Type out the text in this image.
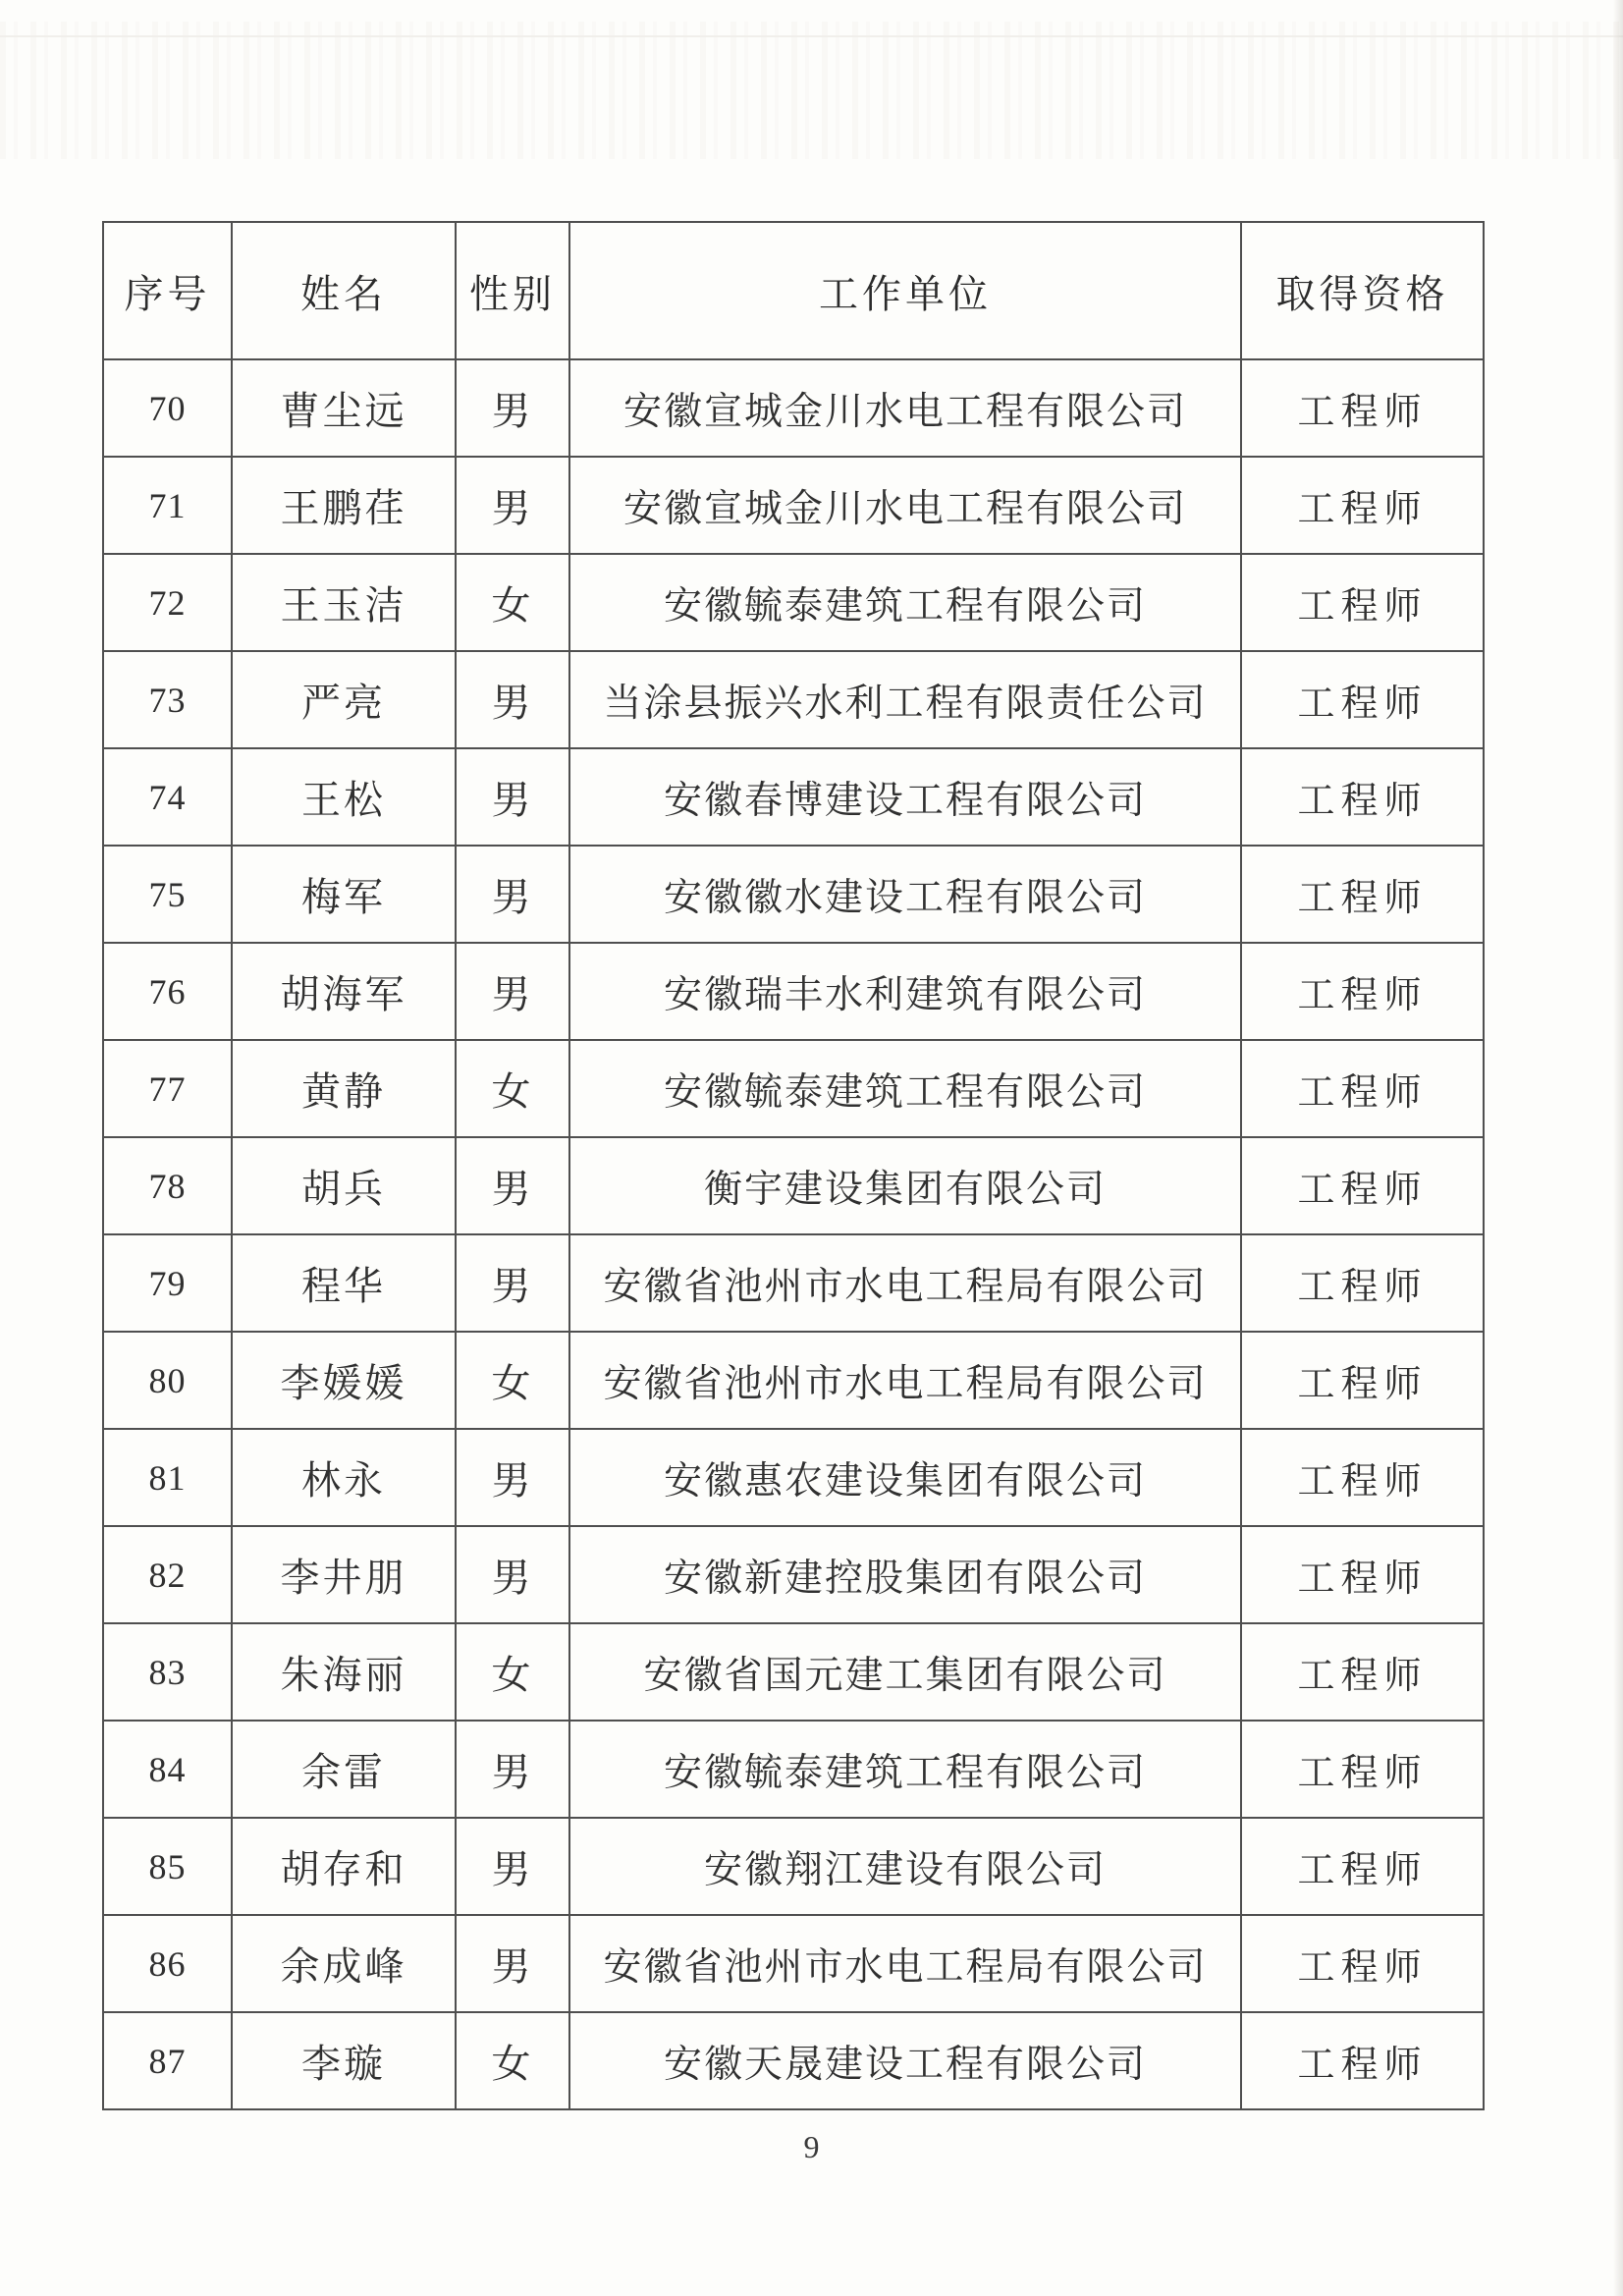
序号	姓名	性别	工作单位	取得资格
70	曹尘远	男	安徽宣城金川水电工程有限公司	工程师
71	王鹏荏	男	安徽宣城金川水电工程有限公司	工程师
72	王玉洁	女	安徽毓泰建筑工程有限公司	工程师
73	严亮	男	当涂县振兴水利工程有限责任公司	工程师
74	王松	男	安徽春博建设工程有限公司	工程师
75	梅军	男	安徽徽水建设工程有限公司	工程师
76	胡海军	男	安徽瑞丰水利建筑有限公司	工程师
77	黄静	女	安徽毓泰建筑工程有限公司	工程师
78	胡兵	男	衡宇建设集团有限公司	工程师
79	程华	男	安徽省池州市水电工程局有限公司	工程师
80	李媛媛	女	安徽省池州市水电工程局有限公司	工程师
81	林永	男	安徽惠农建设集团有限公司	工程师
82	李井朋	男	安徽新建控股集团有限公司	工程师
83	朱海丽	女	安徽省国元建工集团有限公司	工程师
84	余雷	男	安徽毓泰建筑工程有限公司	工程师
85	胡存和	男	安徽翔江建设有限公司	工程师
86	余成峰	男	安徽省池州市水电工程局有限公司	工程师
87	李璇	女	安徽天晟建设工程有限公司	工程师
9
